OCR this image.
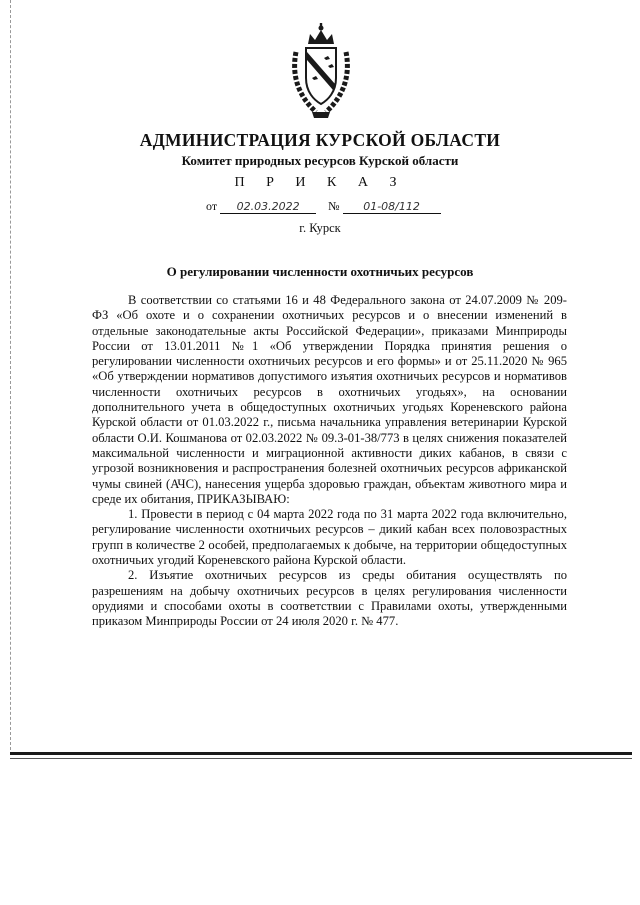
АДМИНИСТРАЦИЯ КУРСКОЙ ОБЛАСТИ
Комитет природных ресурсов Курской области
П Р И К А З
от 02.03.2022 № 01-08/112
г. Курск
О регулировании численности охотничьих ресурсов

В соответствии со статьями 16 и 48 Федерального закона от 24.07.2009 № 209-ФЗ «Об охоте и о сохранении охотничьих ресурсов и о внесении изменений в отдельные законодательные акты Российской Федерации», приказами Минприроды России от 13.01.2011 №1 «Об утверждении Порядка принятия решения о регулировании численности охотничьих ресурсов и его формы» и от 25.11.2020 № 965 «Об утверждении нормативов допустимого изъятия охотничьих ресурсов и нормативов численности охотничьих ресурсов в охотничьих угодьях», на основании дополнительного учета в общедоступных охотничьих угодьях Кореневского района Курской области от 01.03.2022 г., письма начальника управления ветеринарии Курской области О.И. Кошманова от 02.03.2022 № 09.3-01-38/773 в целях снижения показателей максимальной численности и миграционной активности диких кабанов, в связи с угрозой возникновения и распространения болезней охотничьих ресурсов африканской чумы свиней (АЧС), нанесения ущерба здоровью граждан, объектам животного мира и среде их обитания, ПРИКАЗЫВАЮ:

1. Провести в период с 04 марта 2022 года по 31 марта 2022 года включительно, регулирование численности охотничьих ресурсов – дикий кабан всех половозрастных групп в количестве 2 особей, предполагаемых к добыче, на территории общедоступных охотничьих угодий Кореневского района Курской области.

2. Изъятие охотничьих ресурсов из среды обитания осуществлять по разрешениям на добычу охотничьих ресурсов в целях регулирования численности орудиями и способами охоты в соответствии с Правилами охоты, утвержденными приказом Минприроды России от 24 июля 2020 г. № 477.
